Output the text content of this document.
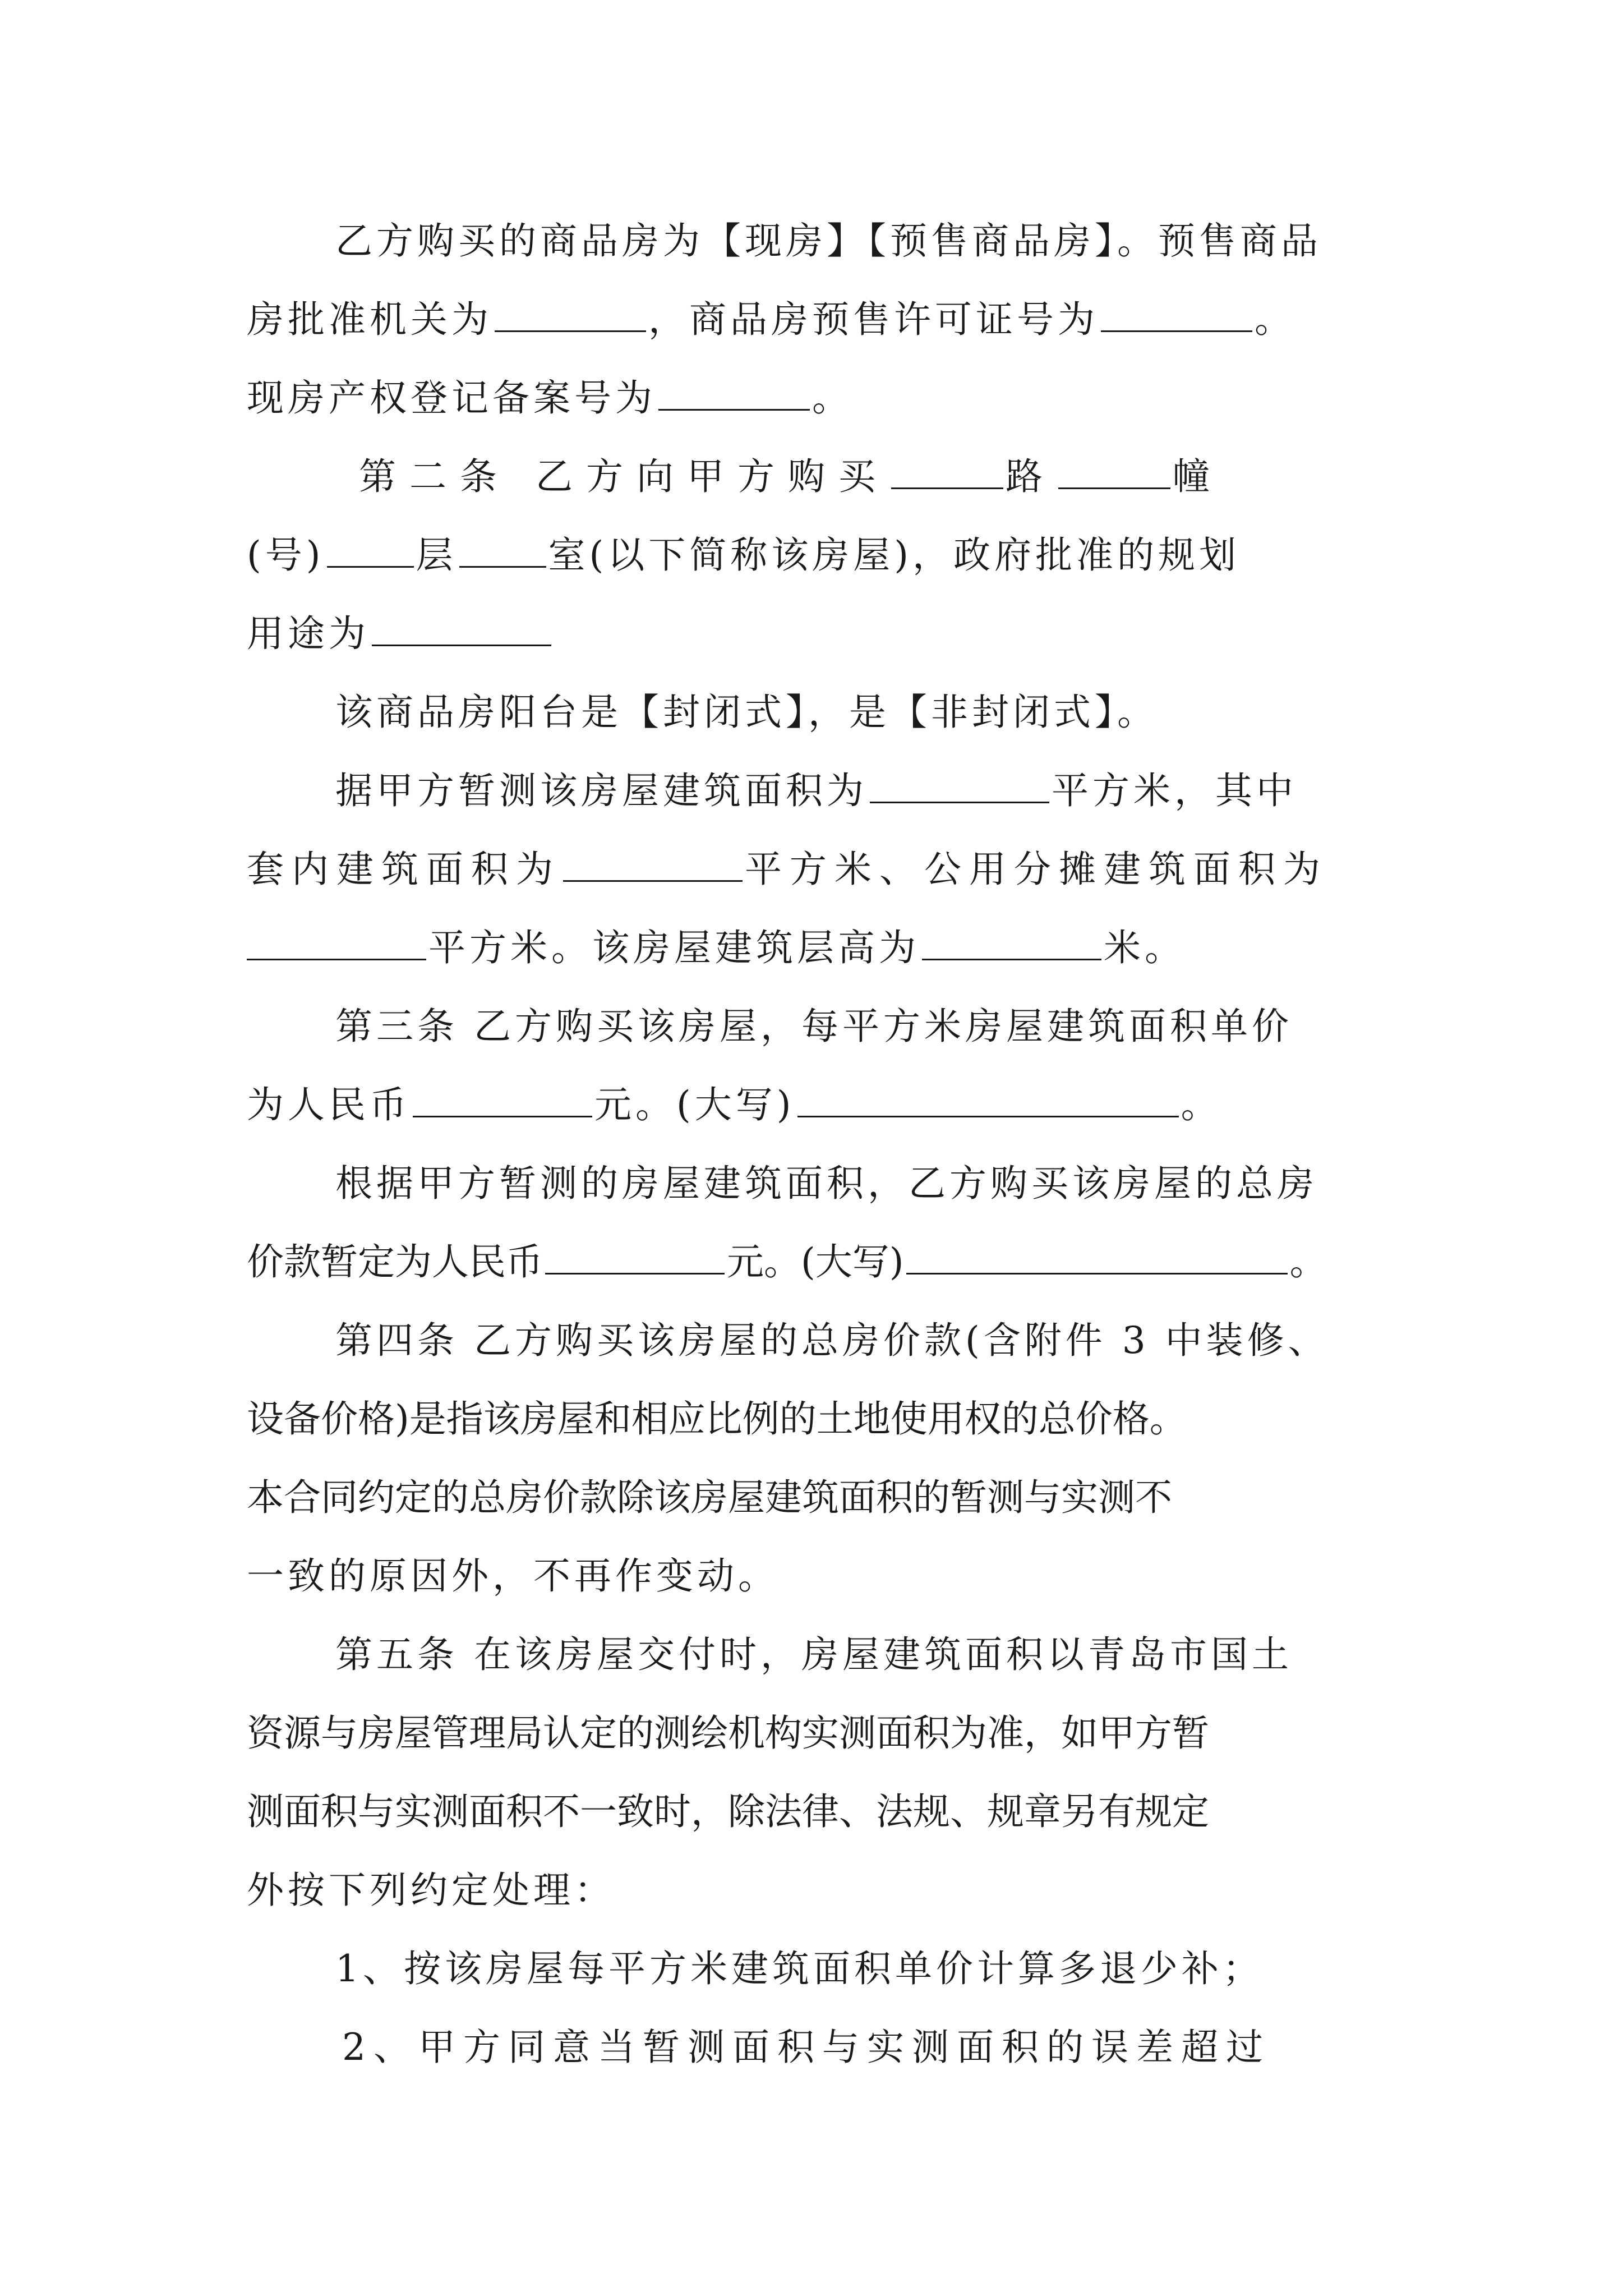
乙方购买的商品房为【现房】【预售商品房】。预售商品
房批准机关为	，商品房预售许可证号为	。
现房产权登记备案号为	。
第二条 乙方向甲方购买	路	幢
(号) 层 室(以下简称该房屋)，政府批准的规划
用途为
该商品房阳台是【封闭式】，是【非封闭式】。
据甲方暂测该房屋建筑面积为	平方米，其中
套内建筑面积为	平方米、公用分摊建筑面积为
平方米。该房屋建筑层高为	米。
第三条 乙方购买该房屋，每平方米房屋建筑面积单价
为人民币	元。(大写)	。
根据甲方暂测的房屋建筑面积，乙方购买该房屋的总房
价款暂定为人民币	元。(大写)	。
第四条 乙方购买该房屋的总房价款(含附件 3 中装修、
设备价格)是指该房屋和相应比例的土地使用权的总价格。
本合同约定的总房价款除该房屋建筑面积的暂测与实测不
一致的原因外，不再作变动。
第五条 在该房屋交付时，房屋建筑面积以青岛市国土
资源与房屋管理局认定的测绘机构实测面积为准，如甲方暂
测面积与实测面积不一致时，除法律、法规、规章另有规定
外按下列约定处理：
1、按该房屋每平方米建筑面积单价计算多退少补；
2、甲方同意当暂测面积与实测面积的误差超过
